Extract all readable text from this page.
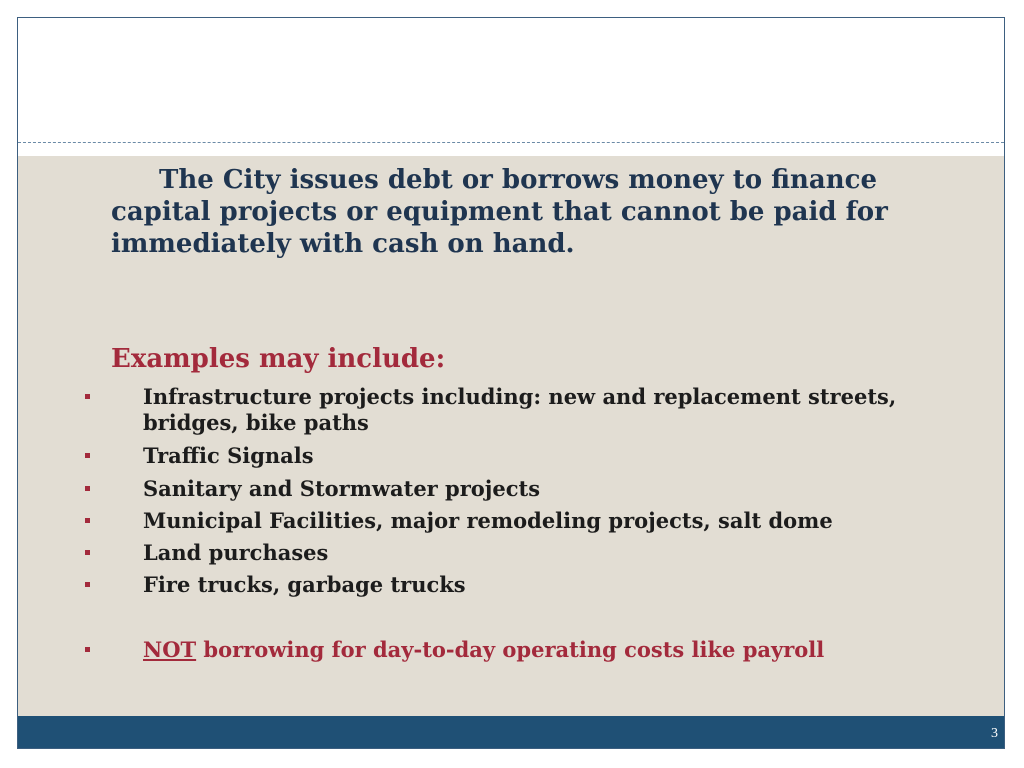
The City issues debt or borrows money to finance capital projects or equipment that cannot be paid for immediately with cash on hand.

Examples may include:

Infrastructure projects including: new and replacement streets, bridges, bike paths
Traffic Signals
Sanitary and Stormwater projects
Municipal Facilities, major remodeling projects, salt dome
Land purchases
Fire trucks, garbage trucks
NOT borrowing for day-to-day operating costs like payroll
3
